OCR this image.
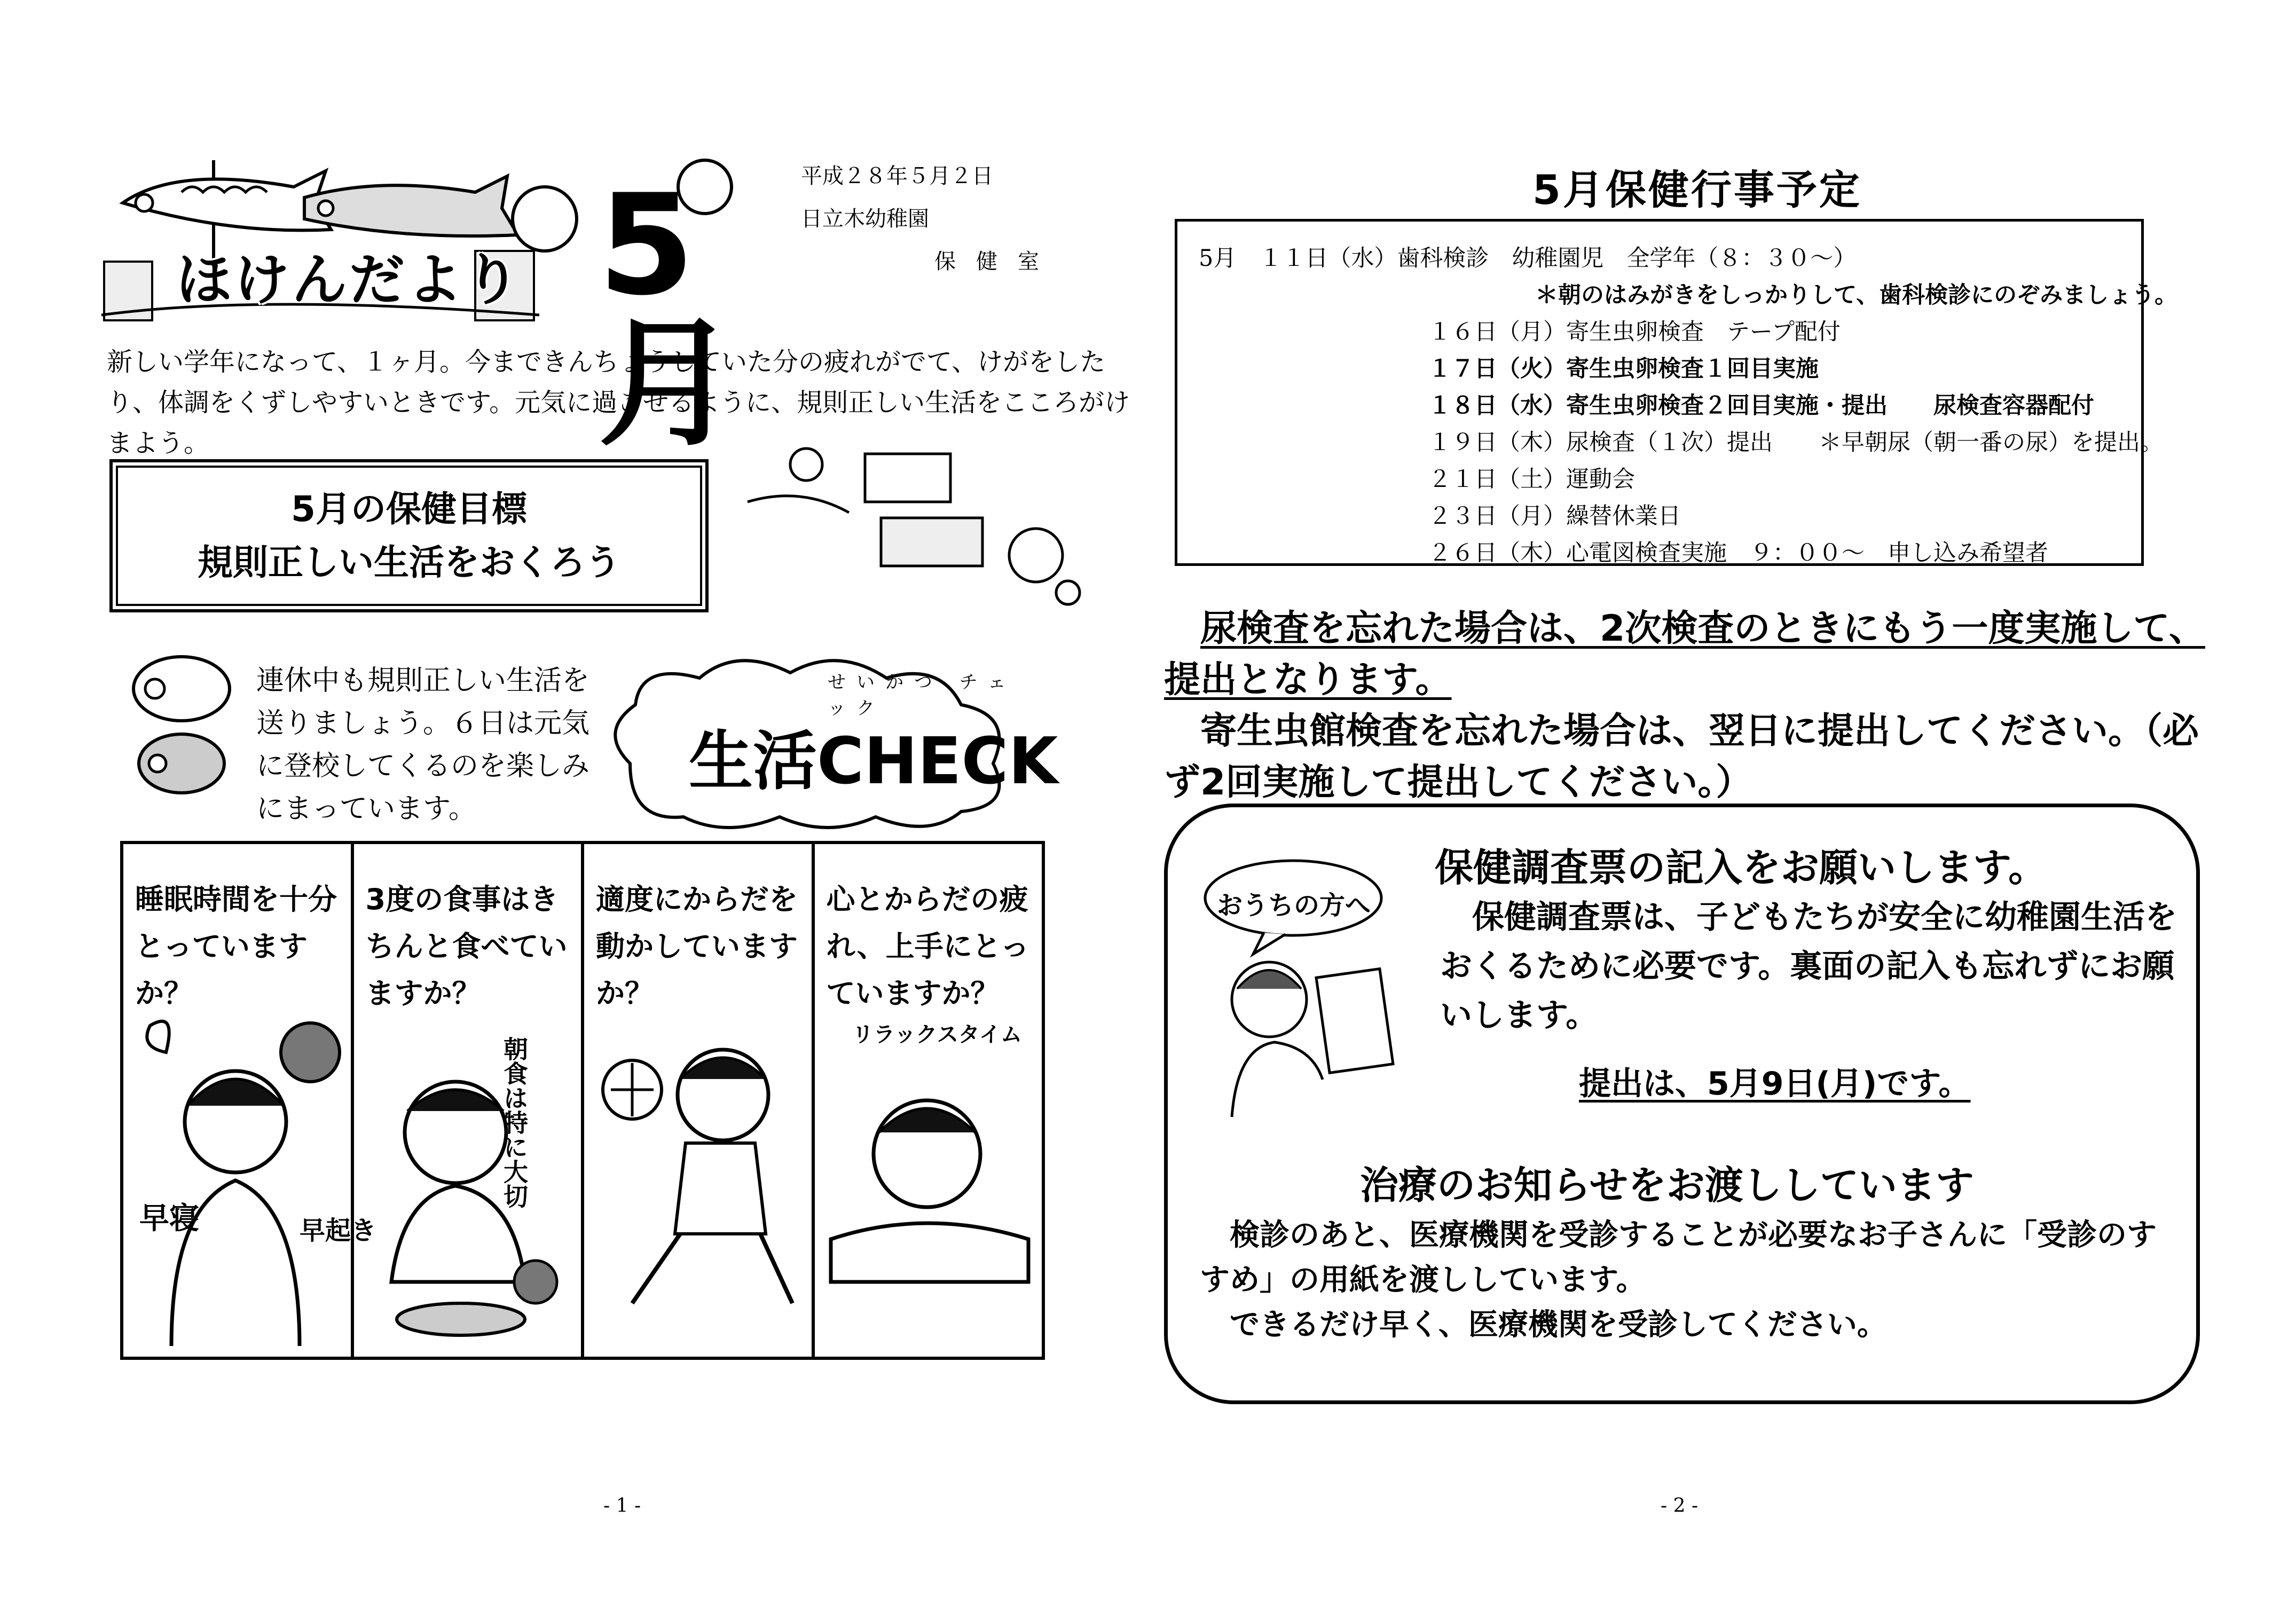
ほけんだより 5月
平成２８年５月２日
日立木幼稚園
保健室
新しい学年になって、１ヶ月。今まできんちょうしていた分の疲れがでて、けがをしたり、体調をくずしやすいときです。元気に過ごせるように、規則正しい生活をこころがけまよう。
5月の保健目標
規則正しい生活をおくろう
連休中も規則正しい生活を送りましょう。６日は元気に登校してくるのを楽しみにまっています。
せいかつ チェック
生活CHECK
睡眠時間を十分とっていますか？
早寝	早起き
3度の食事はきちんと食べていますか？
朝食は特に大切
適度にからだを動かしていますか？
心とからだの疲れ、上手にとっていますか？
リラックスタイム
- 1 -
5月保健行事予定
5月　１１日（水）歯科検診　幼稚園児　全学年（８：３０～）
＊朝のはみがきをしっかりして、歯科検診にのぞみましょう。
１６日（月）寄生虫卵検査　テープ配付
１７日（火）寄生虫卵検査１回目実施
１８日（水）寄生虫卵検査２回目実施・提出　　尿検査容器配付
１９日（木）尿検査（１次）提出　　＊早朝尿（朝一番の尿）を提出。
２１日（土）運動会
２３日（月）繰替休業日
２６日（木）心電図検査実施　９：００～　申し込み希望者
尿検査を忘れた場合は、2次検査のときにもう一度実施して、提出となります。
寄生虫館検査を忘れた場合は、翌日に提出してください。（必ず2回実施して提出してください。）
おうちの方へ
保健調査票の記入をお願いします。
保健調査票は、子どもたちが安全に幼稚園生活をおくるために必要です。裏面の記入も忘れずにお願いします。
提出は、5月9日(月)です。
治療のお知らせをお渡ししています
検診のあと、医療機関を受診することが必要なお子さんに「受診のすすめ」の用紙を渡ししています。
できるだけ早く、医療機関を受診してください。
- 2 -
